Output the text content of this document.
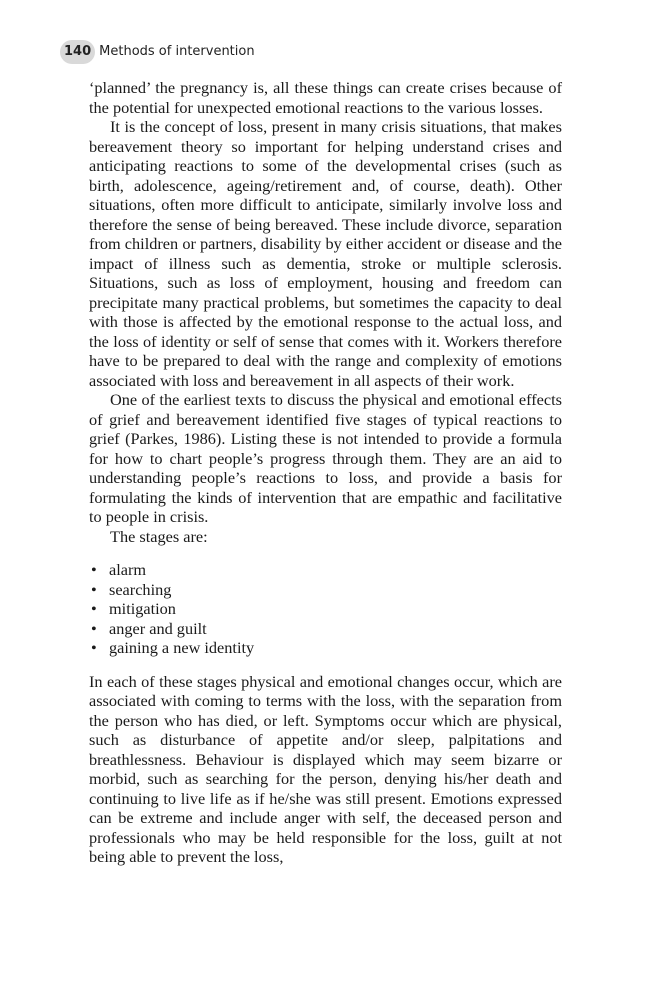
140 Methods of intervention

‘planned’ the pregnancy is, all these things can create crises because of the potential for unexpected emotional reactions to the various losses.

It is the concept of loss, present in many crisis situations, that makes bereavement theory so important for helping understand crises and anticipating reactions to some of the developmental crises (such as birth, adolescence, ageing/retirement and, of course, death). Other situations, often more difficult to anticipate, similarly involve loss and therefore the sense of being bereaved. These include divorce, separation from children or partners, disability by either accident or disease and the impact of illness such as dementia, stroke or multiple sclerosis. Situations, such as loss of employment, housing and freedom can precipitate many practical problems, but sometimes the capacity to deal with those is affected by the emotional response to the actual loss, and the loss of identity or self of sense that comes with it. Workers therefore have to be prepared to deal with the range and complexity of emotions associated with loss and bereavement in all aspects of their work.

One of the earliest texts to discuss the physical and emotional effects of grief and bereavement identified five stages of typical reactions to grief (Parkes, 1986). Listing these is not intended to provide a formula for how to chart people’s progress through them. They are an aid to understanding people’s reactions to loss, and provide a basis for formulating the kinds of intervention that are empathic and facilitative to people in crisis.

The stages are:

• alarm
• searching
• mitigation
• anger and guilt
• gaining a new identity

In each of these stages physical and emotional changes occur, which are associated with coming to terms with the loss, with the separation from the person who has died, or left. Symptoms occur which are physical, such as disturbance of appetite and/or sleep, palpitations and breathlessness. Behaviour is displayed which may seem bizarre or morbid, such as searching for the person, denying his/her death and continuing to live life as if he/she was still present. Emotions expressed can be extreme and include anger with self, the deceased person and professionals who may be held responsible for the loss, guilt at not being able to prevent the loss,
